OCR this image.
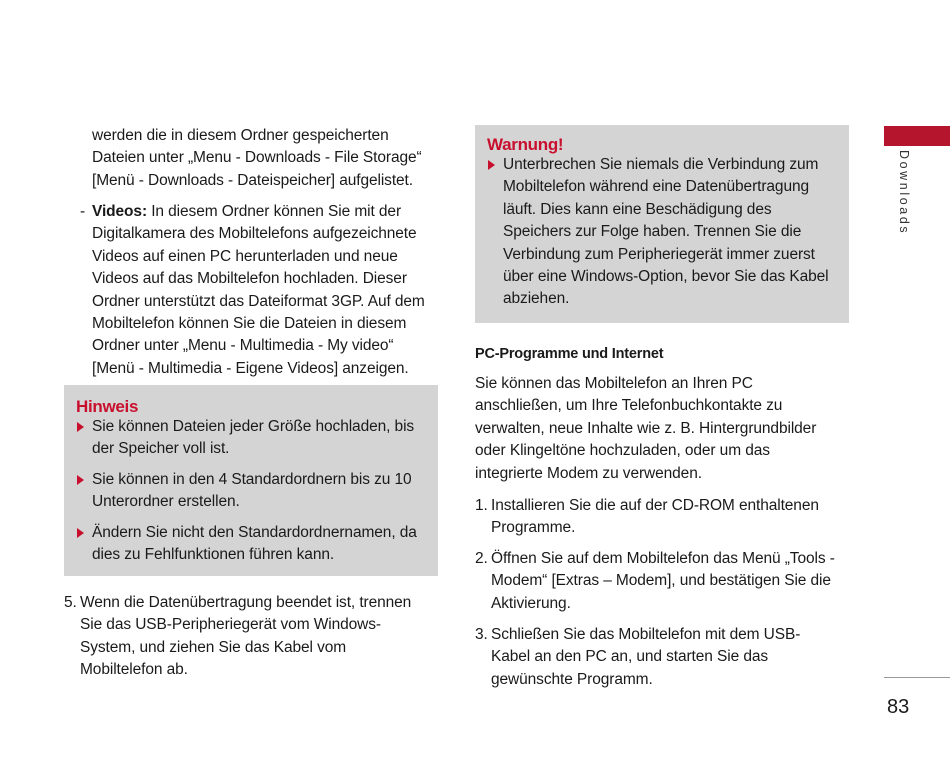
werden die in diesem Ordner gespeicherten

Dateien unter „Menu - Downloads - File Storage“

[Menü - Downloads - Dateispeicher] aufgelistet.

- Videos: In diesem Ordner können Sie mit der

Digitalkamera des Mobiltelefons aufgezeichnete

Videos auf einen PC herunterladen und neue

Videos auf das Mobiltelefon hochladen. Dieser

Ordner unterstützt das Dateiformat 3GP. Auf dem

Mobiltelefon können Sie die Dateien in diesem

Ordner unter „Menu - Multimedia - My video“

[Menü - Multimedia - Eigene Videos] anzeigen.

Hinweis

Sie können Dateien jeder Größe hochladen, bis

der Speicher voll ist.

Sie können in den 4 Standardordnern bis zu 10

Unterordner erstellen.

Ändern Sie nicht den Standardordnernamen, da

dies zu Fehlfunktionen führen kann.

5. Wenn die Datenübertragung beendet ist, trennen

Sie das USB-Peripheriegerät vom Windows-

System, und ziehen Sie das Kabel vom

Mobiltelefon ab.

Warnung!

Unterbrechen Sie niemals die Verbindung zum

Mobiltelefon während eine Datenübertragung

läuft. Dies kann eine Beschädigung des

Speichers zur Folge haben. Trennen Sie die

Verbindung zum Peripheriegerät immer zuerst

über eine Windows-Option, bevor Sie das Kabel

abziehen.

PC-Programme und Internet

Sie können das Mobiltelefon an Ihren PC

anschließen, um Ihre Telefonbuchkontakte zu

verwalten, neue Inhalte wie z. B. Hintergrundbilder

oder Klingeltöne hochzuladen, oder um das

integrierte Modem zu verwenden.

1. Installieren Sie die auf der CD-ROM enthaltenen

Programme.

2. Öffnen Sie auf dem Mobiltelefon das Menü „Tools -

Modem“ [Extras – Modem], und bestätigen Sie die

Aktivierung.

3. Schließen Sie das Mobiltelefon mit dem USB-

Kabel an den PC an, und starten Sie das

gewünschte Programm.

Downloads
83
